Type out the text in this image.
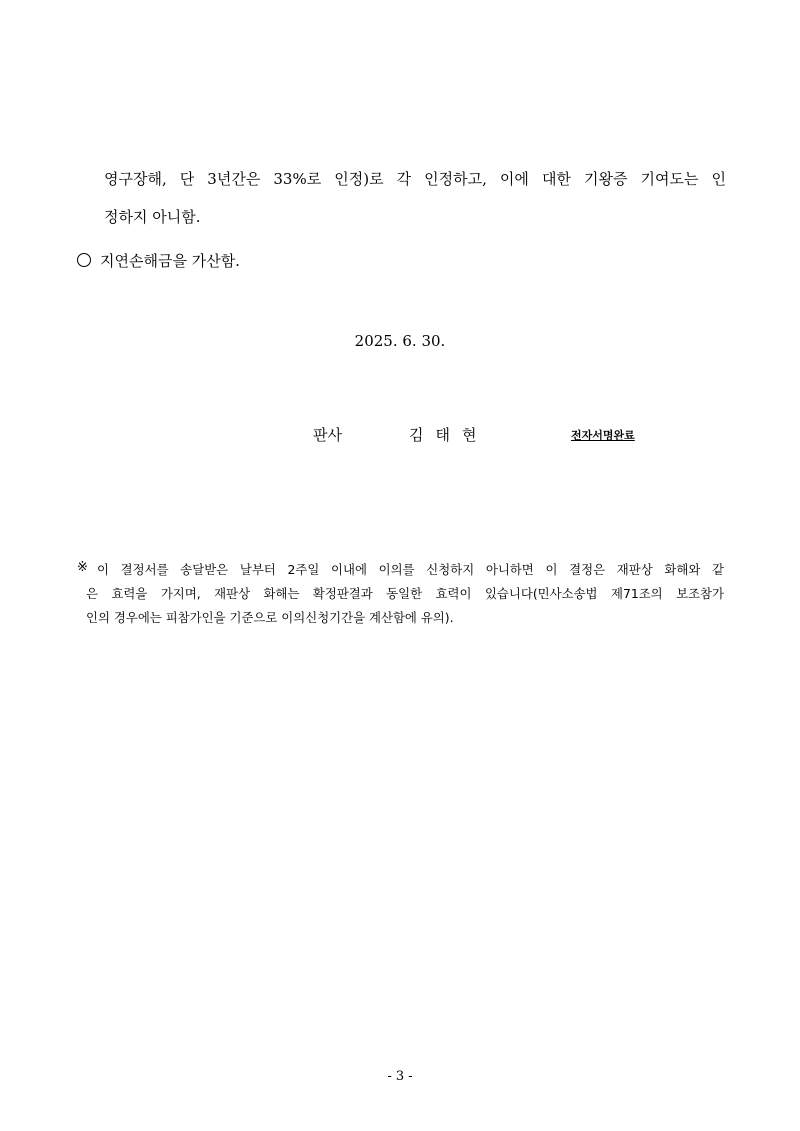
영구장해, 단 3년간은 33%로 인정)로 각 인정하고, 이에 대한 기왕증 기여도는 인
정하지 아니함.
지연손해금을 가산함.
2025. 6. 30.
판사	김태현	전자서명완료
※ 이 결정서를 송달받은 날부터 2주일 이내에 이의를 신청하지 아니하면 이 결정은 재판상 화해와 같
은 효력을 가지며, 재판상 화해는 확정판결과 동일한 효력이 있습니다(민사소송법 제71조의 보조참가
인의 경우에는 피참가인을 기준으로 이의신청기간을 계산함에 유의).
- 3 -
